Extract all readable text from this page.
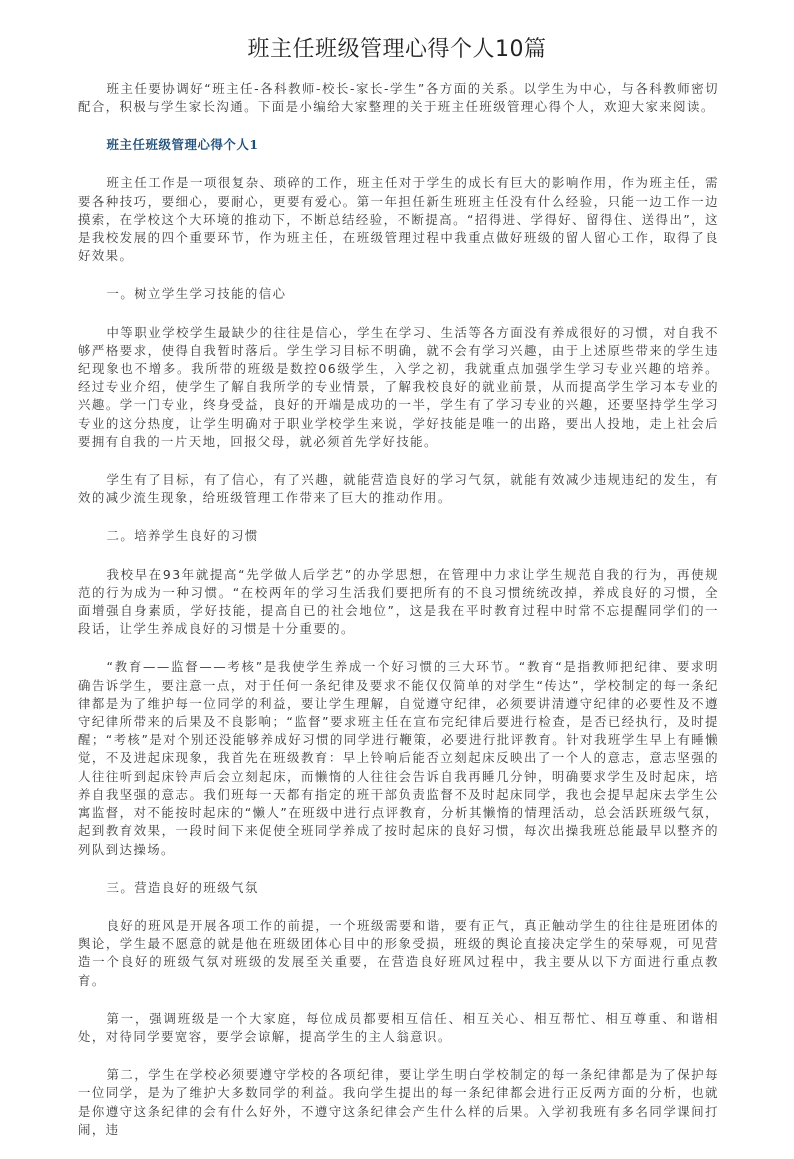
班主任班级管理心得个人10篇

班主任要协调好“班主任-各科教师-校长-家长-学生”各方面的关系。以学生为中心，与各科教师密切配合，积极与学生家长沟通。下面是小编给大家整理的关于班主任班级管理心得个人，欢迎大家来阅读。

班主任班级管理心得个人1

班主任工作是一项很复杂、琐碎的工作，班主任对于学生的成长有巨大的影响作用，作为班主任，需要各种技巧，要细心，要耐心，更要有爱心。第一年担任新生班班主任没有什么经验，只能一边工作一边摸索，在学校这个大环境的推动下，不断总结经验，不断提高。“招得进、学得好、留得住、送得出”，这是我校发展的四个重要环节，作为班主任，在班级管理过程中我重点做好班级的留人留心工作，取得了良好效果。

一。树立学生学习技能的信心

中等职业学校学生最缺少的往往是信心，学生在学习、生活等各方面没有养成很好的习惯，对自我不够严格要求，使得自我暂时落后。学生学习目标不明确，就不会有学习兴趣，由于上述原些带来的学生违纪现象也不增多。我所带的班级是数控06级学生，入学之初，我就重点加强学生学习专业兴趣的培养。经过专业介绍，使学生了解自我所学的专业情景，了解我校良好的就业前景，从而提高学生学习本专业的兴趣。学一门专业，终身受益，良好的开端是成功的一半，学生有了学习专业的兴趣，还要坚持学生学习专业的这分热度，让学生明确对于职业学校学生来说，学好技能是唯一的出路，要出人投地，走上社会后要拥有自我的一片天地，回报父母，就必须首先学好技能。

学生有了目标，有了信心，有了兴趣，就能营造良好的学习气氛，就能有效减少违规违纪的发生，有效的减少流生现象，给班级管理工作带来了巨大的推动作用。

二。培养学生良好的习惯

我校早在93年就提高“先学做人后学艺”的办学思想，在管理中力求让学生规范自我的行为，再使规范的行为成为一种习惯。“在校两年的学习生活我们要把所有的不良习惯统统改掉，养成良好的习惯，全面增强自身素质，学好技能，提高自已的社会地位”，这是我在平时教育过程中时常不忘提醒同学们的一段话，让学生养成良好的习惯是十分重要的。

“教育——监督——考核”是我使学生养成一个好习惯的三大环节。“教育“是指教师把纪律、要求明确告诉学生，要注意一点，对于任何一条纪律及要求不能仅仅简单的对学生“传达”，学校制定的每一条纪律都是为了维护每一位同学的利益，要让学生理解，自觉遵守纪律，必须要讲清遵守纪律的必要性及不遵守纪律所带来的后果及不良影响；“监督”要求班主任在宣布完纪律后要进行检查，是否已经执行，及时提醒；“考核”是对个别还没能够养成好习惯的同学进行鞭策，必要进行批评教育。针对我班学生早上有睡懒觉，不及进起床现象，我首先在班级教育：早上铃响后能否立刻起床反映出了一个人的意志，意志坚强的人往往听到起床铃声后会立刻起床，而懒惰的人往往会告诉自我再睡几分钟，明确要求学生及时起床，培养自我坚强的意志。我们班每一天都有指定的班干部负责监督不及时起床同学，我也会提早起床去学生公寓监督，对不能按时起床的“懒人”在班级中进行点评教育，分析其懒惰的情理活动，总会活跃班级气氛，起到教育效果，一段时间下来促使全班同学养成了按时起床的良好习惯，每次出操我班总能最早以整齐的列队到达操场。

三。营造良好的班级气氛

良好的班风是开展各项工作的前提，一个班级需要和谐，要有正气，真正触动学生的往往是班团体的舆论，学生最不愿意的就是他在班级团体心目中的形象受损，班级的舆论直接决定学生的荣辱观，可见营造一个良好的班级气氛对班级的发展至关重要，在营造良好班风过程中，我主要从以下方面进行重点教育。

第一，强调班级是一个大家庭，每位成员都要相互信任、相互关心、相互帮忙、相互尊重、和谐相处，对待同学要宽容，要学会谅解，提高学生的主人翁意识。

第二，学生在学校必须要遵守学校的各项纪律，要让学生明白学校制定的每一条纪律都是为了保护每一位同学，是为了维护大多数同学的利益。我向学生提出的每一条纪律都会进行正反两方面的分析，也就是你遵守这条纪律的会有什么好外，不遵守这条纪律会产生什么样的后果。入学初我班有多名同学课间打闹，违
